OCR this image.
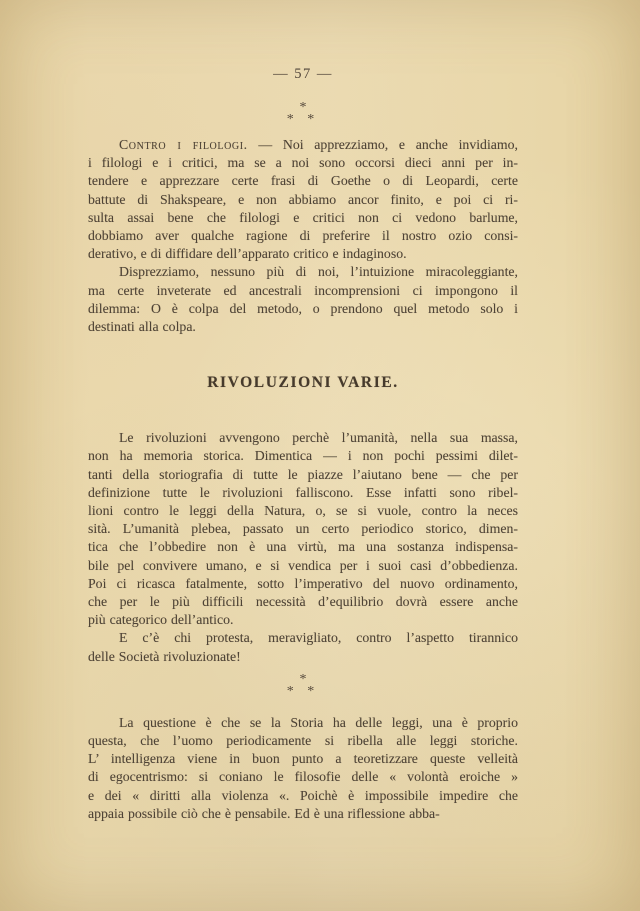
— 57 —
*
* *
Contro i filologi. — Noi apprezziamo, e anche invidiamo,
i filologi e i critici, ma se a noi sono occorsi dieci anni per in-
tendere e apprezzare certe frasi di Goethe o di Leopardi, certe
battute di Shakspeare, e non abbiamo ancor finito, e poi ci ri-
sulta assai bene che filologi e critici non ci vedono barlume,
dobbiamo aver qualche ragione di preferire il nostro ozio consi-
derativo, e di diffidare dell’apparato critico e indaginoso.
Disprezziamo, nessuno più di noi, l’intuizione miracoleggiante,
ma certe inveterate ed ancestrali incomprensioni ci impongono il
dilemma: O è colpa del metodo, o prendono quel metodo solo i
destinati alla colpa.
RIVOLUZIONI VARIE.
Le rivoluzioni avvengono perchè l’umanità, nella sua massa,
non ha memoria storica. Dimentica — i non pochi pessimi dilet-
tanti della storiografia di tutte le piazze l’aiutano bene — che per
definizione tutte le rivoluzioni falliscono. Esse infatti sono ribel-
lioni contro le leggi della Natura, o, se si vuole, contro la neces
sità. L’umanità plebea, passato un certo periodico storico, dimen-
tica che l’obbedire non è una virtù, ma una sostanza indispensa-
bile pel convivere umano, e si vendica per i suoi casi d’obbedienza.
Poi ci ricasca fatalmente, sotto l’imperativo del nuovo ordinamento,
che per le più difficili necessità d’equilibrio dovrà essere anche
più categorico dell’antico.
E c’è chi protesta, meravigliato, contro l’aspetto tirannico
delle Società rivoluzionate!
*
* *
La questione è che se la Storia ha delle leggi, una è proprio
questa, che l’uomo periodicamente si ribella alle leggi storiche.
L’ intelligenza viene in buon punto a teoretizzare queste velleità
di egocentrismo: si coniano le filosofie delle « volontà eroiche »
e dei « diritti alla violenza «. Poichè è impossibile impedire che
appaia possibile ciò che è pensabile. Ed è una riflessione abba-
